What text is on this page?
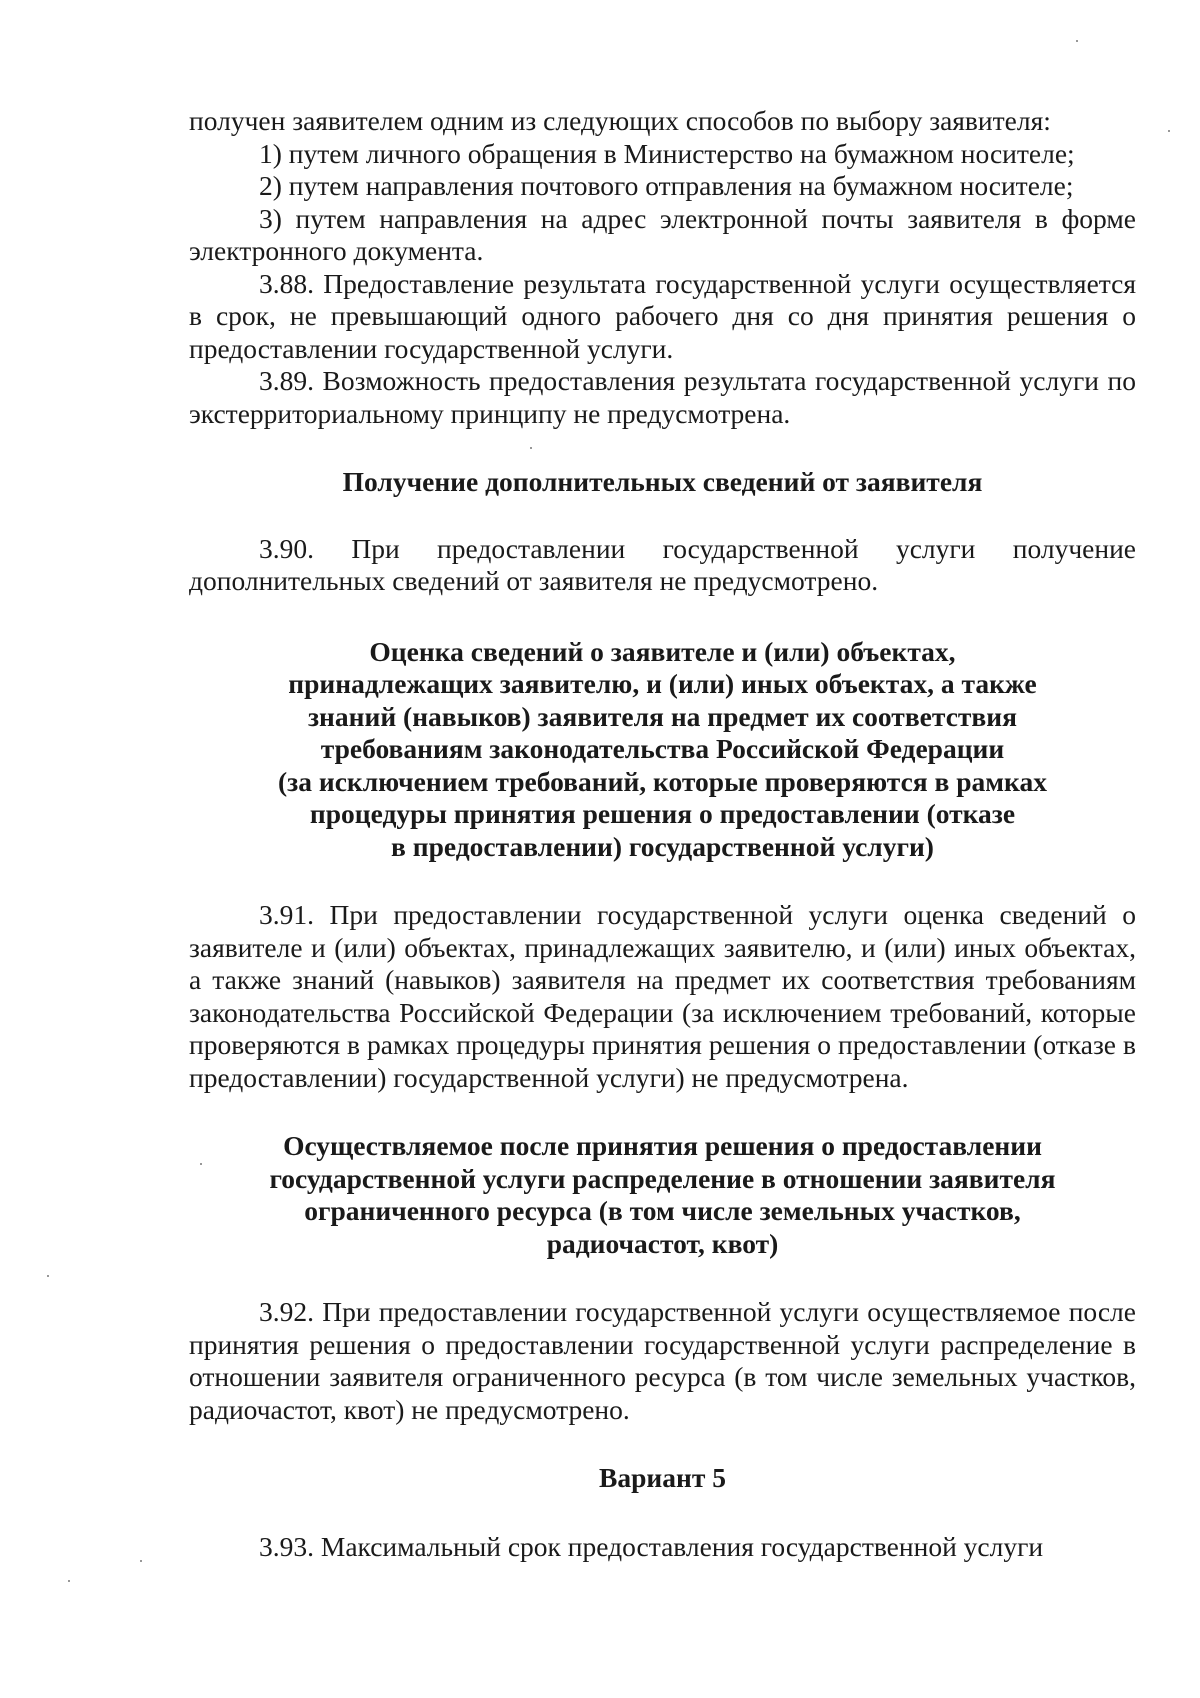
получен заявителем одним из следующих способов по выбору заявителя:

1) путем личного обращения в Министерство на бумажном носителе;

2) путем направления почтового отправления на бумажном носителе;

3) путем направления на адрес электронной почты заявителя в форме электронного документа.

3.88. Предоставление результата государственной услуги осуществляется в срок, не превышающий одного рабочего дня со дня принятия решения о предоставлении государственной услуги.

3.89. Возможность предоставления результата государственной услуги по экстерриториальному принципу не предусмотрена.

Получение дополнительных сведений от заявителя

3.90. При предоставлении государственной услуги получение дополнительных сведений от заявителя не предусмотрено.

Оценка сведений о заявителе и (или) объектах,
принадлежащих заявителю, и (или) иных объектах, а также
знаний (навыков) заявителя на предмет их соответствия
требованиям законодательства Российской Федерации
(за исключением требований, которые проверяются в рамках
процедуры принятия решения о предоставлении (отказе
в предоставлении) государственной услуги)

3.91. При предоставлении государственной услуги оценка сведений о заявителе и (или) объектах, принадлежащих заявителю, и (или) иных объектах, а также знаний (навыков) заявителя на предмет их соответствия требованиям законодательства Российской Федерации (за исключением требований, которые проверяются в рамках процедуры принятия решения о предоставлении (отказе в предоставлении) государственной услуги) не предусмотрена.

Осуществляемое после принятия решения о предоставлении
государственной услуги распределение в отношении заявителя
ограниченного ресурса (в том числе земельных участков,
радиочастот, квот)

3.92. При предоставлении государственной услуги осуществляемое после принятия решения о предоставлении государственной услуги распределение в отношении заявителя ограниченного ресурса (в том числе земельных участков, радиочастот, квот) не предусмотрено.

Вариант 5

3.93. Максимальный срок предоставления государственной услуги
